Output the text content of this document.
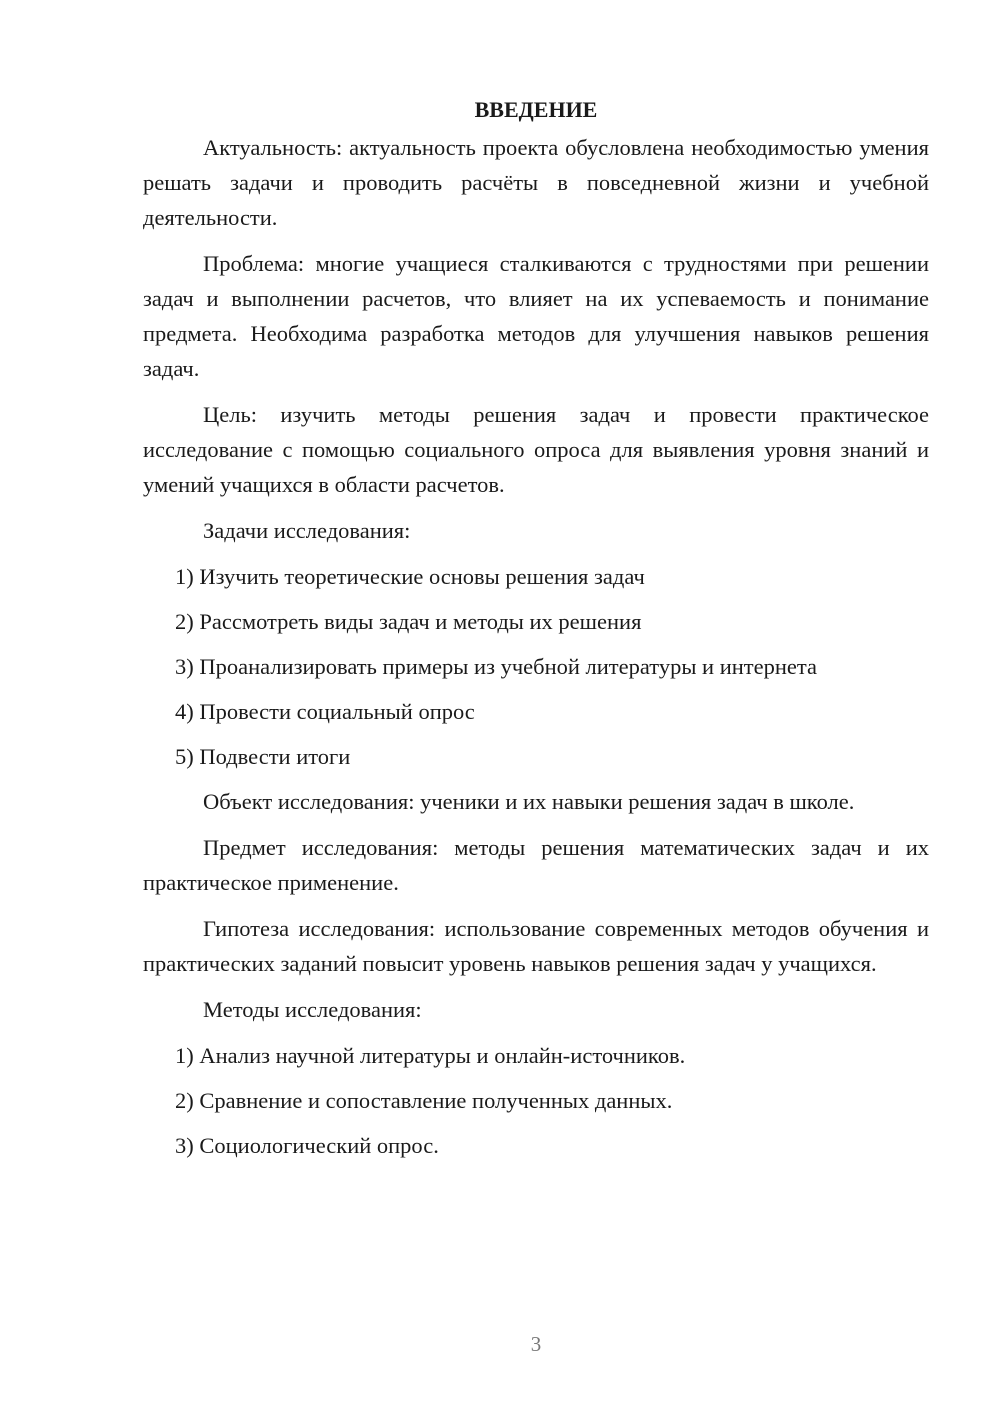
ВВЕДЕНИЕ

Актуальность: актуальность проекта обусловлена необходимостью умения решать задачи и проводить расчёты в повседневной жизни и учебной деятельности.

Проблема: многие учащиеся сталкиваются с трудностями при решении задач и выполнении расчетов, что влияет на их успеваемость и понимание предмета. Необходима разработка методов для улучшения навыков решения задач.

Цель: изучить методы решения задач и провести практическое исследование с помощью социального опроса для выявления уровня знаний и умений учащихся в области расчетов.

Задачи исследования:

1) Изучить теоретические основы решения задач
2) Рассмотреть виды задач и методы их решения
3) Проанализировать примеры из учебной литературы и интернета
4) Провести социальный опрос
5) Подвести итоги

Объект исследования: ученики и их навыки решения задач в школе.

Предмет исследования: методы решения математических задач и их практическое применение.

Гипотеза исследования: использование современных методов обучения и практических заданий повысит уровень навыков решения задач у учащихся.

Методы исследования:

1) Анализ научной литературы и онлайн-источников.
2) Сравнение и сопоставление полученных данных.
3) Социологический опрос.
3
